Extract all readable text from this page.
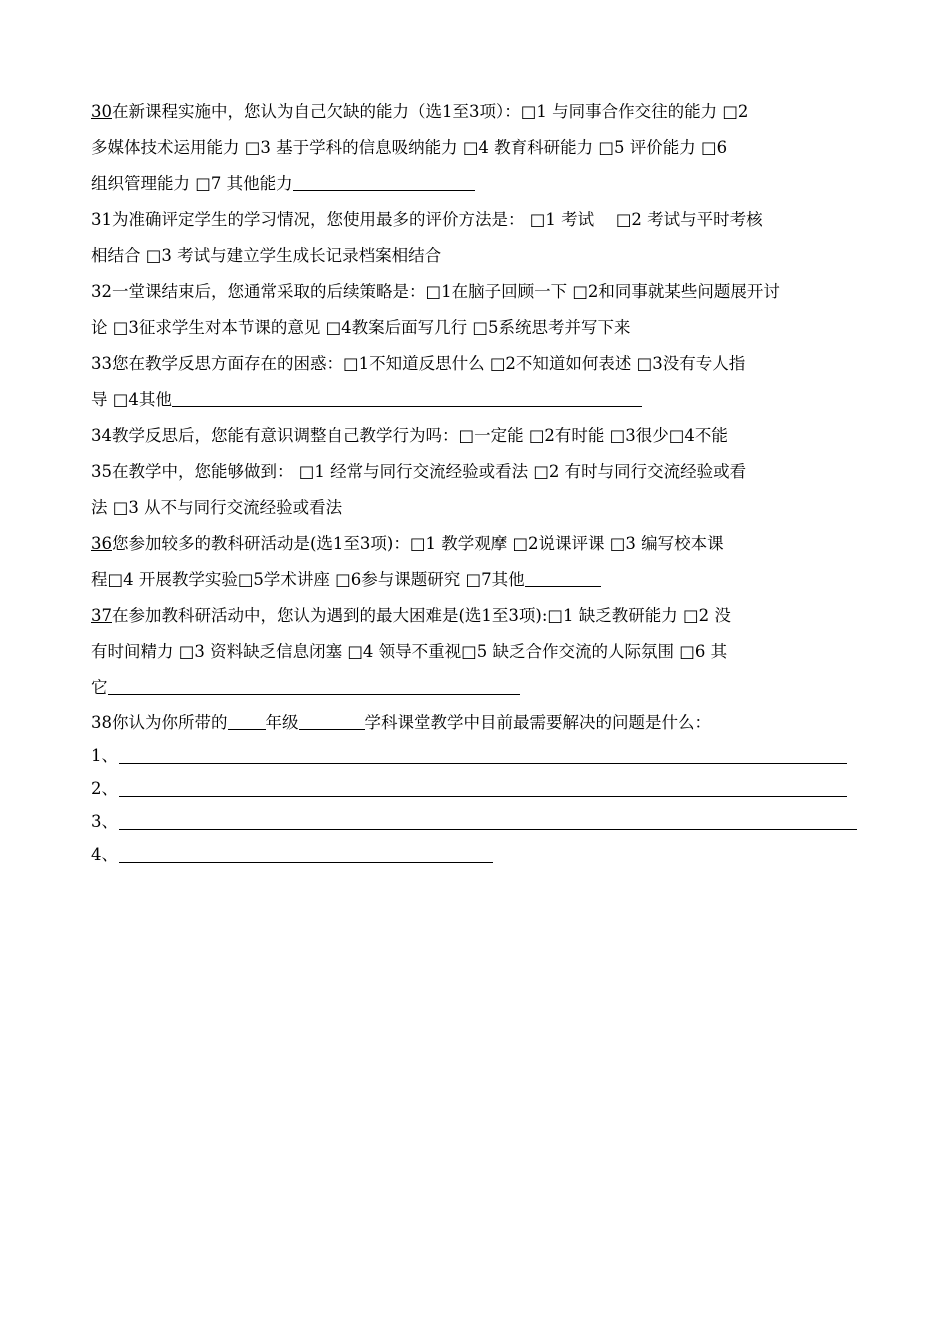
30在新课程实施中，您认为自己欠缺的能力（选1至3项）：□1 与同事合作交往的能力 □2
多媒体技术运用能力 □3 基于学科的信息吸纳能力 □4 教育科研能力 □5 评价能力 □6
组织管理能力 □7 其他能力
31为准确评定学生的学习情况，您使用最多的评价方法是： □1 考试　 □2 考试与平时考核
相结合 □3 考试与建立学生成长记录档案相结合
32一堂课结束后，您通常采取的后续策略是：□1在脑子回顾一下 □2和同事就某些问题展开讨
论 □3征求学生对本节课的意见 □4教案后面写几行 □5系统思考并写下来
33您在教学反思方面存在的困惑：□1不知道反思什么 □2不知道如何表述 □3没有专人指
导 □4其他
34教学反思后，您能有意识调整自己教学行为吗：□一定能 □2有时能 □3很少□4不能
35在教学中，您能够做到： □1 经常与同行交流经验或看法 □2 有时与同行交流经验或看
法 □3 从不与同行交流经验或看法
36您参加较多的教科研活动是(选1至3项)：□1 教学观摩 □2说课评课 □3 编写校本课
程□4 开展教学实验□5学术讲座 □6参与课题研究 □7其他
37在参加教科研活动中，您认为遇到的最大困难是(选1至3项):□1 缺乏教研能力 □2 没
有时间精力 □3 资料缺乏信息闭塞 □4 领导不重视□5 缺乏合作交流的人际氛围 □6 其
它
38你认为你所带的 年级	学科课堂教学中目前最需要解决的问题是什么：
1、
2、
3、
4、
